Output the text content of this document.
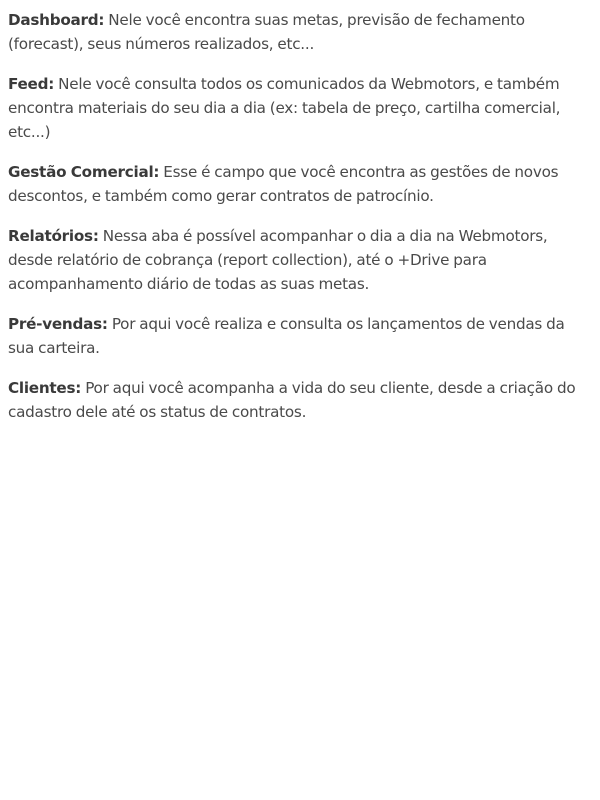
Dashboard: Nele você encontra suas metas, previsão de fechamento (forecast), seus números realizados, etc...

Feed: Nele você consulta todos os comunicados da Webmotors, e também encontra materiais do seu dia a dia (ex: tabela de preço, cartilha comercial, etc...)

Gestão Comercial: Esse é campo que você encontra as gestões de novos descontos, e também como gerar contratos de patrocínio.

Relatórios: Nessa aba é possível acompanhar o dia a dia na Webmotors, desde relatório de cobrança (report collection), até o +Drive para acompanhamento diário de todas as suas metas.

Pré-vendas: Por aqui você realiza e consulta os lançamentos de vendas da sua carteira.

Clientes: Por aqui você acompanha a vida do seu cliente, desde a criação do cadastro dele até os status de contratos.
